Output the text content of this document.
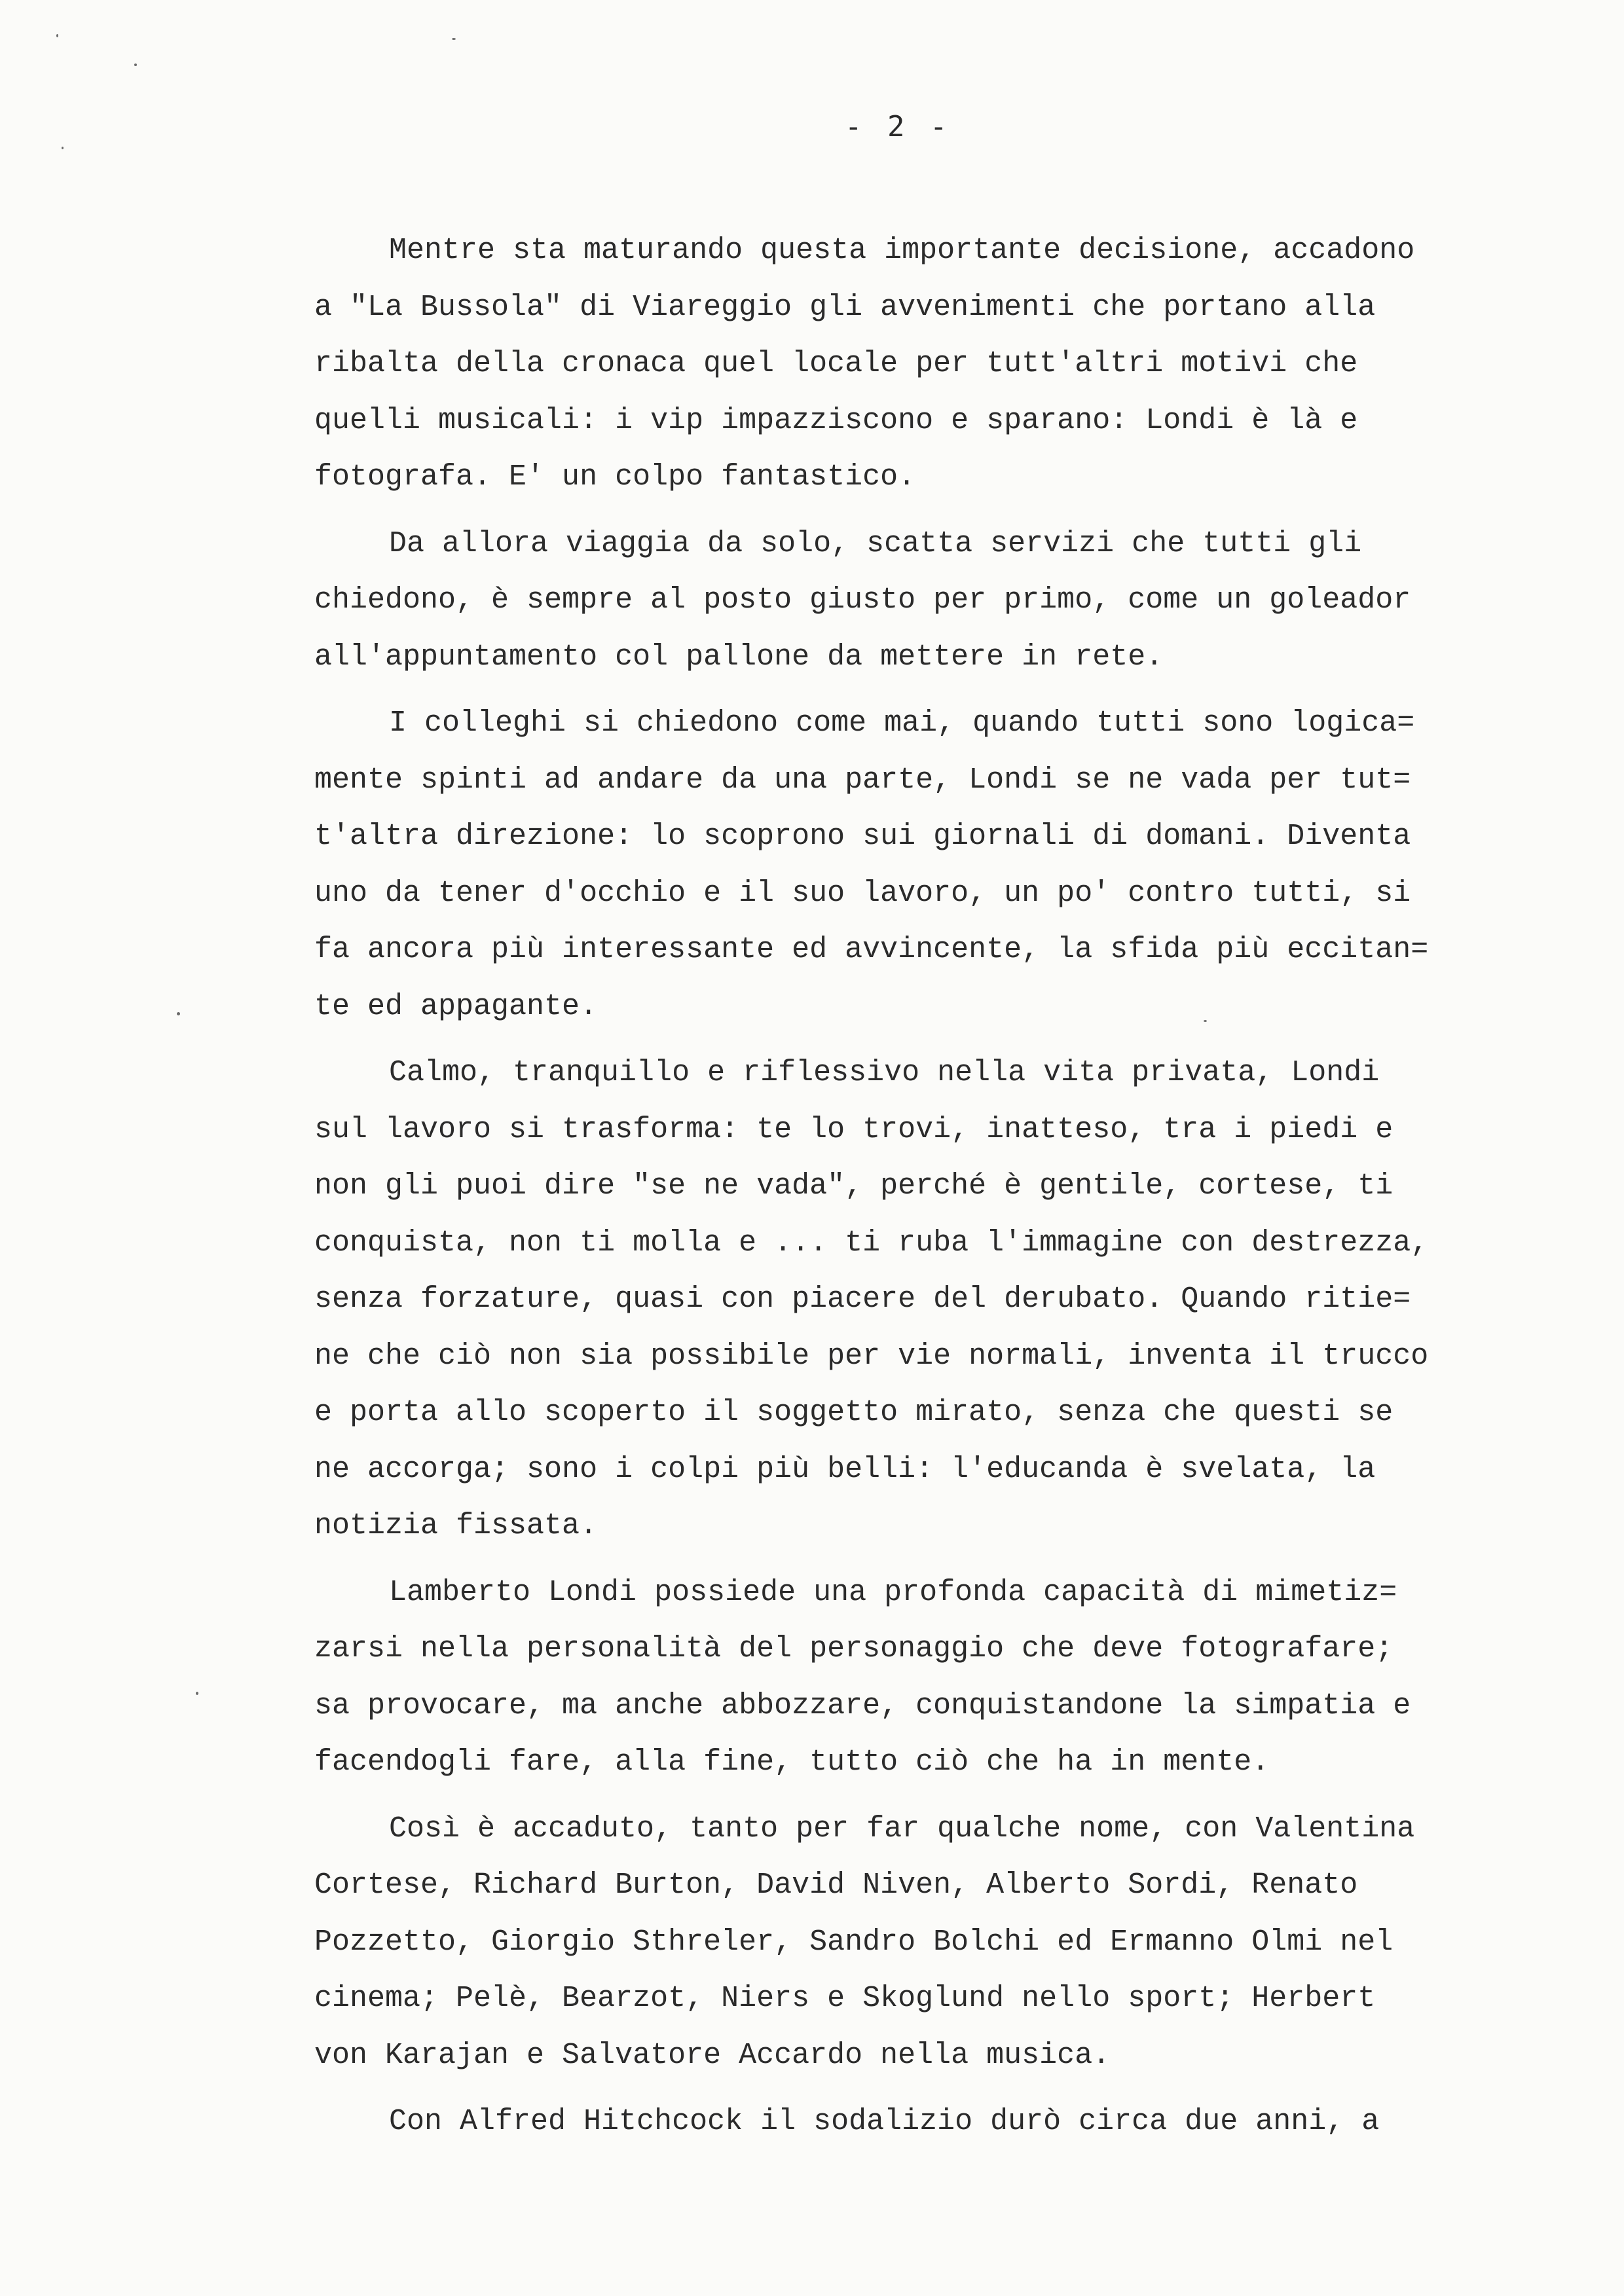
- 2 -
Mentre sta maturando questa importante decisione, accadono
a "La Bussola" di Viareggio gli avvenimenti che portano alla
ribalta della cronaca quel locale per tutt'altri motivi che
quelli musicali: i vip impazziscono e sparano: Londi è là e
fotografa. E' un colpo fantastico.
Da allora viaggia da solo, scatta servizi che tutti gli
chiedono, è sempre al posto giusto per primo, come un goleador
all'appuntamento col pallone da mettere in rete.
I colleghi si chiedono come mai, quando tutti sono logica=
mente spinti ad andare da una parte, Londi se ne vada per tut=
t'altra direzione: lo scoprono sui giornali di domani. Diventa
uno da tener d'occhio e il suo lavoro, un po' contro tutti, si
fa ancora più interessante ed avvincente, la sfida più eccitan=
te ed appagante.
Calmo, tranquillo e riflessivo nella vita privata, Londi
sul lavoro si trasforma: te lo trovi, inatteso, tra i piedi e
non gli puoi dire "se ne vada", perché è gentile, cortese, ti
conquista, non ti molla e ... ti ruba l'immagine con destrezza,
senza forzature, quasi con piacere del derubato. Quando ritie=
ne che ciò non sia possibile per vie normali, inventa il trucco
e porta allo scoperto il soggetto mirato, senza che questi se
ne accorga; sono i colpi più belli: l'educanda è svelata, la
notizia fissata.
Lamberto Londi possiede una profonda capacità di mimetiz=
zarsi nella personalità del personaggio che deve fotografare;
sa provocare, ma anche abbozzare, conquistandone la simpatia e
facendogli fare, alla fine, tutto ciò che ha in mente.
Così è accaduto, tanto per far qualche nome, con Valentina
Cortese, Richard Burton, David Niven, Alberto Sordi, Renato
Pozzetto, Giorgio Sthreler, Sandro Bolchi ed Ermanno Olmi nel
cinema; Pelè, Bearzot, Niers e Skoglund nello sport; Herbert
von Karajan e Salvatore Accardo nella musica.
Con Alfred Hitchcock il sodalizio durò circa due anni, a
